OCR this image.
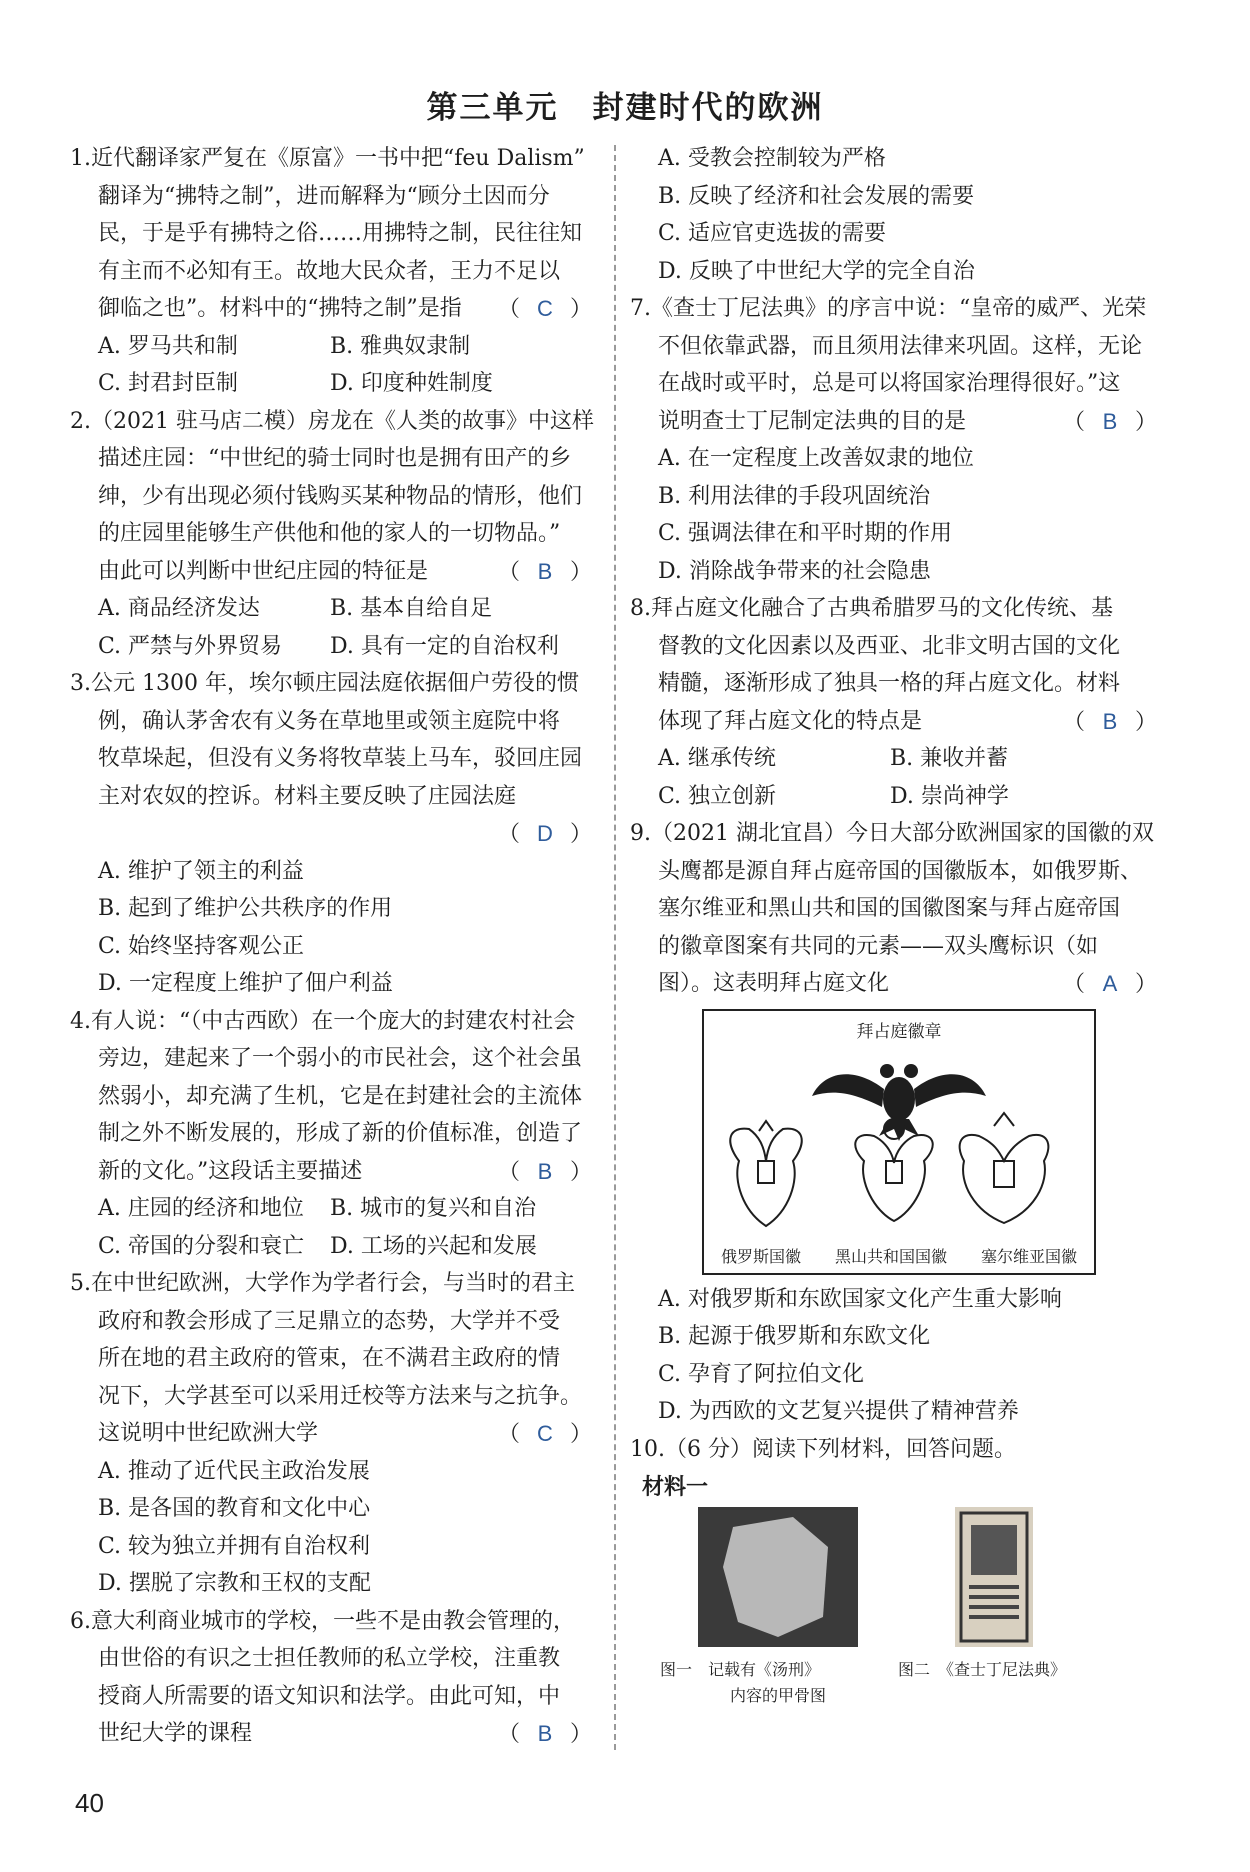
第三单元 封建时代的欧洲
1.近代翻译家严复在《原富》一书中把“feu Dalism”
翻译为“拂特之制”，进而解释为“顾分土因而分
民，于是乎有拂特之俗……用拂特之制，民往往知
有主而不必知有王。故地大民众者，王力不足以
御临之也”。材料中的“拂特之制”是指 （ C ）
A. 罗马共和制	B. 雅典奴隶制
C. 封君封臣制	D. 印度种姓制度
2.（2021 驻马店二模）房龙在《人类的故事》中这样
描述庄园：“中世纪的骑士同时也是拥有田产的乡
绅，少有出现必须付钱购买某种物品的情形，他们
的庄园里能够生产供他和他的家人的一切物品。”
由此可以判断中世纪庄园的特征是	（ B ）
A. 商品经济发达	B. 基本自给自足
C. 严禁与外界贸易	D. 具有一定的自治权利
3.公元 1300 年，埃尔顿庄园法庭依据佃户劳役的惯
例，确认茅舍农有义务在草地里或领主庭院中将
牧草垛起，但没有义务将牧草装上马车，驳回庄园
主对农奴的控诉。材料主要反映了庄园法庭

（ D ）
A. 维护了领主的利益
B. 起到了维护公共秩序的作用
C. 始终坚持客观公正
D. 一定程度上维护了佃户利益
4.有人说：“（中古西欧）在一个庞大的封建农村社会
旁边，建起来了一个弱小的市民社会，这个社会虽
然弱小，却充满了生机，它是在封建社会的主流体
制之外不断发展的，形成了新的价值标准，创造了
新的文化。”这段话主要描述	（ B ）
A. 庄园的经济和地位	B. 城市的复兴和自治
C. 帝国的分裂和衰亡	D. 工场的兴起和发展
5.在中世纪欧洲，大学作为学者行会，与当时的君主
政府和教会形成了三足鼎立的态势，大学并不受
所在地的君主政府的管束，在不满君主政府的情
况下，大学甚至可以采用迁校等方法来与之抗争。
这说明中世纪欧洲大学	（ C ）
A. 推动了近代民主政治发展
B. 是各国的教育和文化中心
C. 较为独立并拥有自治权利
D. 摆脱了宗教和王权的支配
6.意大利商业城市的学校，一些不是由教会管理的，
由世俗的有识之士担任教师的私立学校，注重教
授商人所需要的语文知识和法学。由此可知，中
世纪大学的课程	（ B ）
A. 受教会控制较为严格
B. 反映了经济和社会发展的需要
C. 适应官吏选拔的需要
D. 反映了中世纪大学的完全自治
7.《查士丁尼法典》的序言中说：“皇帝的威严、光荣
不但依靠武器，而且须用法律来巩固。这样，无论
在战时或平时，总是可以将国家治理得很好。”这
说明查士丁尼制定法典的目的是	（ B ）
A. 在一定程度上改善奴隶的地位
B. 利用法律的手段巩固统治
C. 强调法律在和平时期的作用
D. 消除战争带来的社会隐患
8.拜占庭文化融合了古典希腊罗马的文化传统、基
督教的文化因素以及西亚、北非文明古国的文化
精髓，逐渐形成了独具一格的拜占庭文化。材料
体现了拜占庭文化的特点是	（ B ）
A. 继承传统	B. 兼收并蓄
C. 独立创新	D. 崇尚神学
9.（2021 湖北宜昌）今日大部分欧洲国家的国徽的双
头鹰都是源自拜占庭帝国的国徽版本，如俄罗斯、
塞尔维亚和黑山共和国的国徽图案与拜占庭帝国
的徽章图案有共同的元素——双头鹰标识（如
图）。这表明拜占庭文化	（ A ）
拜占庭徽章
俄罗斯国徽 黑山共和国国徽 塞尔维亚国徽
A. 对俄罗斯和东欧国家文化产生重大影响
B. 起源于俄罗斯和东欧文化
C. 孕育了阿拉伯文化
D. 为西欧的文艺复兴提供了精神营养
10.（6 分）阅读下列材料，回答问题。
材料一
图一　记载有《汤刑》	图二　《查士丁尼法典》
内容的甲骨图
40
